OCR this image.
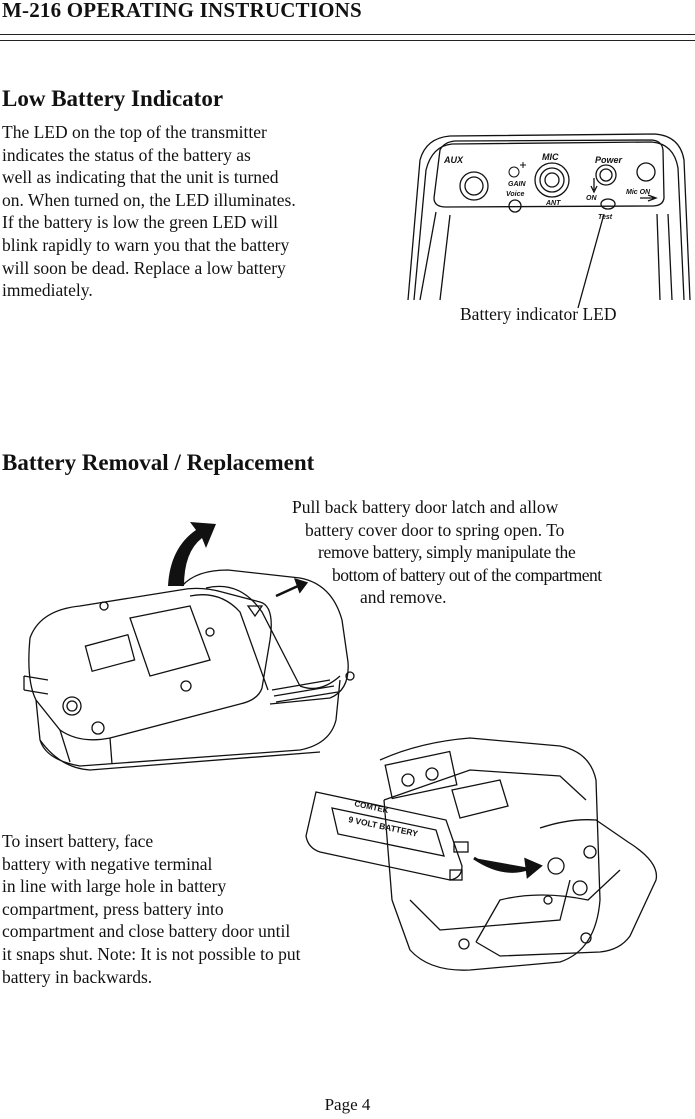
M-216 OPERATING INSTRUCTIONS
Low Battery Indicator
The LED on the top of the transmitter
indicates the status of the battery as
well as indicating that the unit is turned
on. When turned on, the LED illuminates.
If the battery is low the green LED will
blink rapidly to warn you that the battery
will soon be dead. Replace a low battery
immediately.
AUX	MIC	Power
GAIN
Voice
ANT
ON
Test
Mic ON
Battery indicator LED
Battery Removal / Replacement
Pull back battery door latch and allow
battery cover door to spring open. To
remove battery, simply manipulate the
bottom of battery out of the compartment
and remove.
COMTEK
9 VOLT BATTERY
To insert battery, face
battery with negative terminal
in line with large hole in battery
compartment, press battery into
compartment and close battery door until
it snaps shut. Note: It is not possible to put
battery in backwards.
Page 4
